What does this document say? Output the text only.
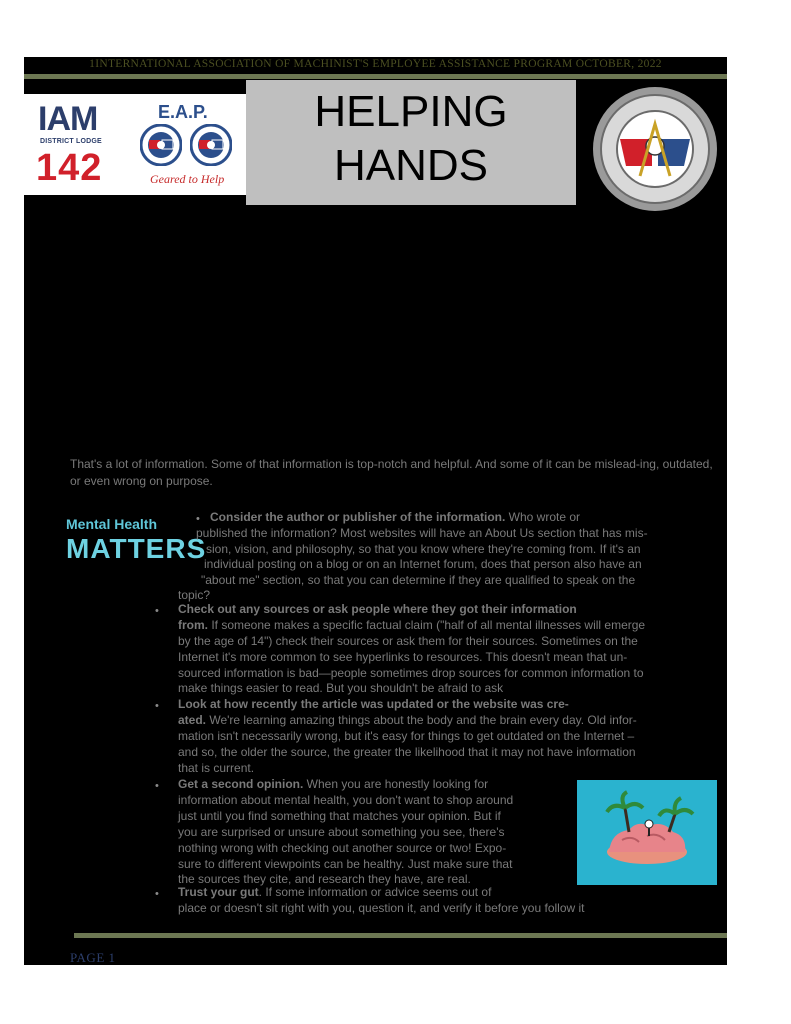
1INTERNATIONAL ASSOCIATION OF MACHINIST'S EMPLOYEE ASSISTANCE PROGRAM OCTOBER, 2022
IAM
DISTRICT LODGE
142
E.A.P.
Geared to Help
HELPING
HANDS
That's a lot of information. Some of that information is top-notch and helpful. And some of it can be mislead-ing, outdated, or even wrong on purpose.
Mental Health
MATTERS
• Consider the author or publisher of the information. Who wrote or
published the information? Most websites will have an About Us section that has mis-
sion, vision, and philosophy, so that you know where they're coming from. If it's an
individual posting on a blog or on an Internet forum, does that person also have an
"about me" section, so that you can determine if they are qualified to speak on the
topic?
• Check out any sources or ask people where they got their information
from. If someone makes a specific factual claim ("half of all mental illnesses will emerge
by the age of 14") check their sources or ask them for their sources. Sometimes on the
Internet it's more common to see hyperlinks to resources. This doesn't mean that un-
sourced information is bad—people sometimes drop sources for common information to
make things easier to read. But you shouldn't be afraid to ask
• Look at how recently the article was updated or the website was cre-
ated. We're learning amazing things about the body and the brain every day. Old infor-
mation isn't necessarily wrong, but it's easy for things to get outdated on the Internet –
and so, the older the source, the greater the likelihood that it may not have information
that is current.
• Get a second opinion. When you are honestly looking for
information about mental health, you don't want to shop around
just until you find something that matches your opinion. But if
you are surprised or unsure about something you see, there's
nothing wrong with checking out another source or two! Expo-
sure to different viewpoints can be healthy. Just make sure that
the sources they cite, and research they have, are real.
• Trust your gut. If some information or advice seems out of
place or doesn't sit right with you, question it, and verify it before you follow it
PAGE 1
